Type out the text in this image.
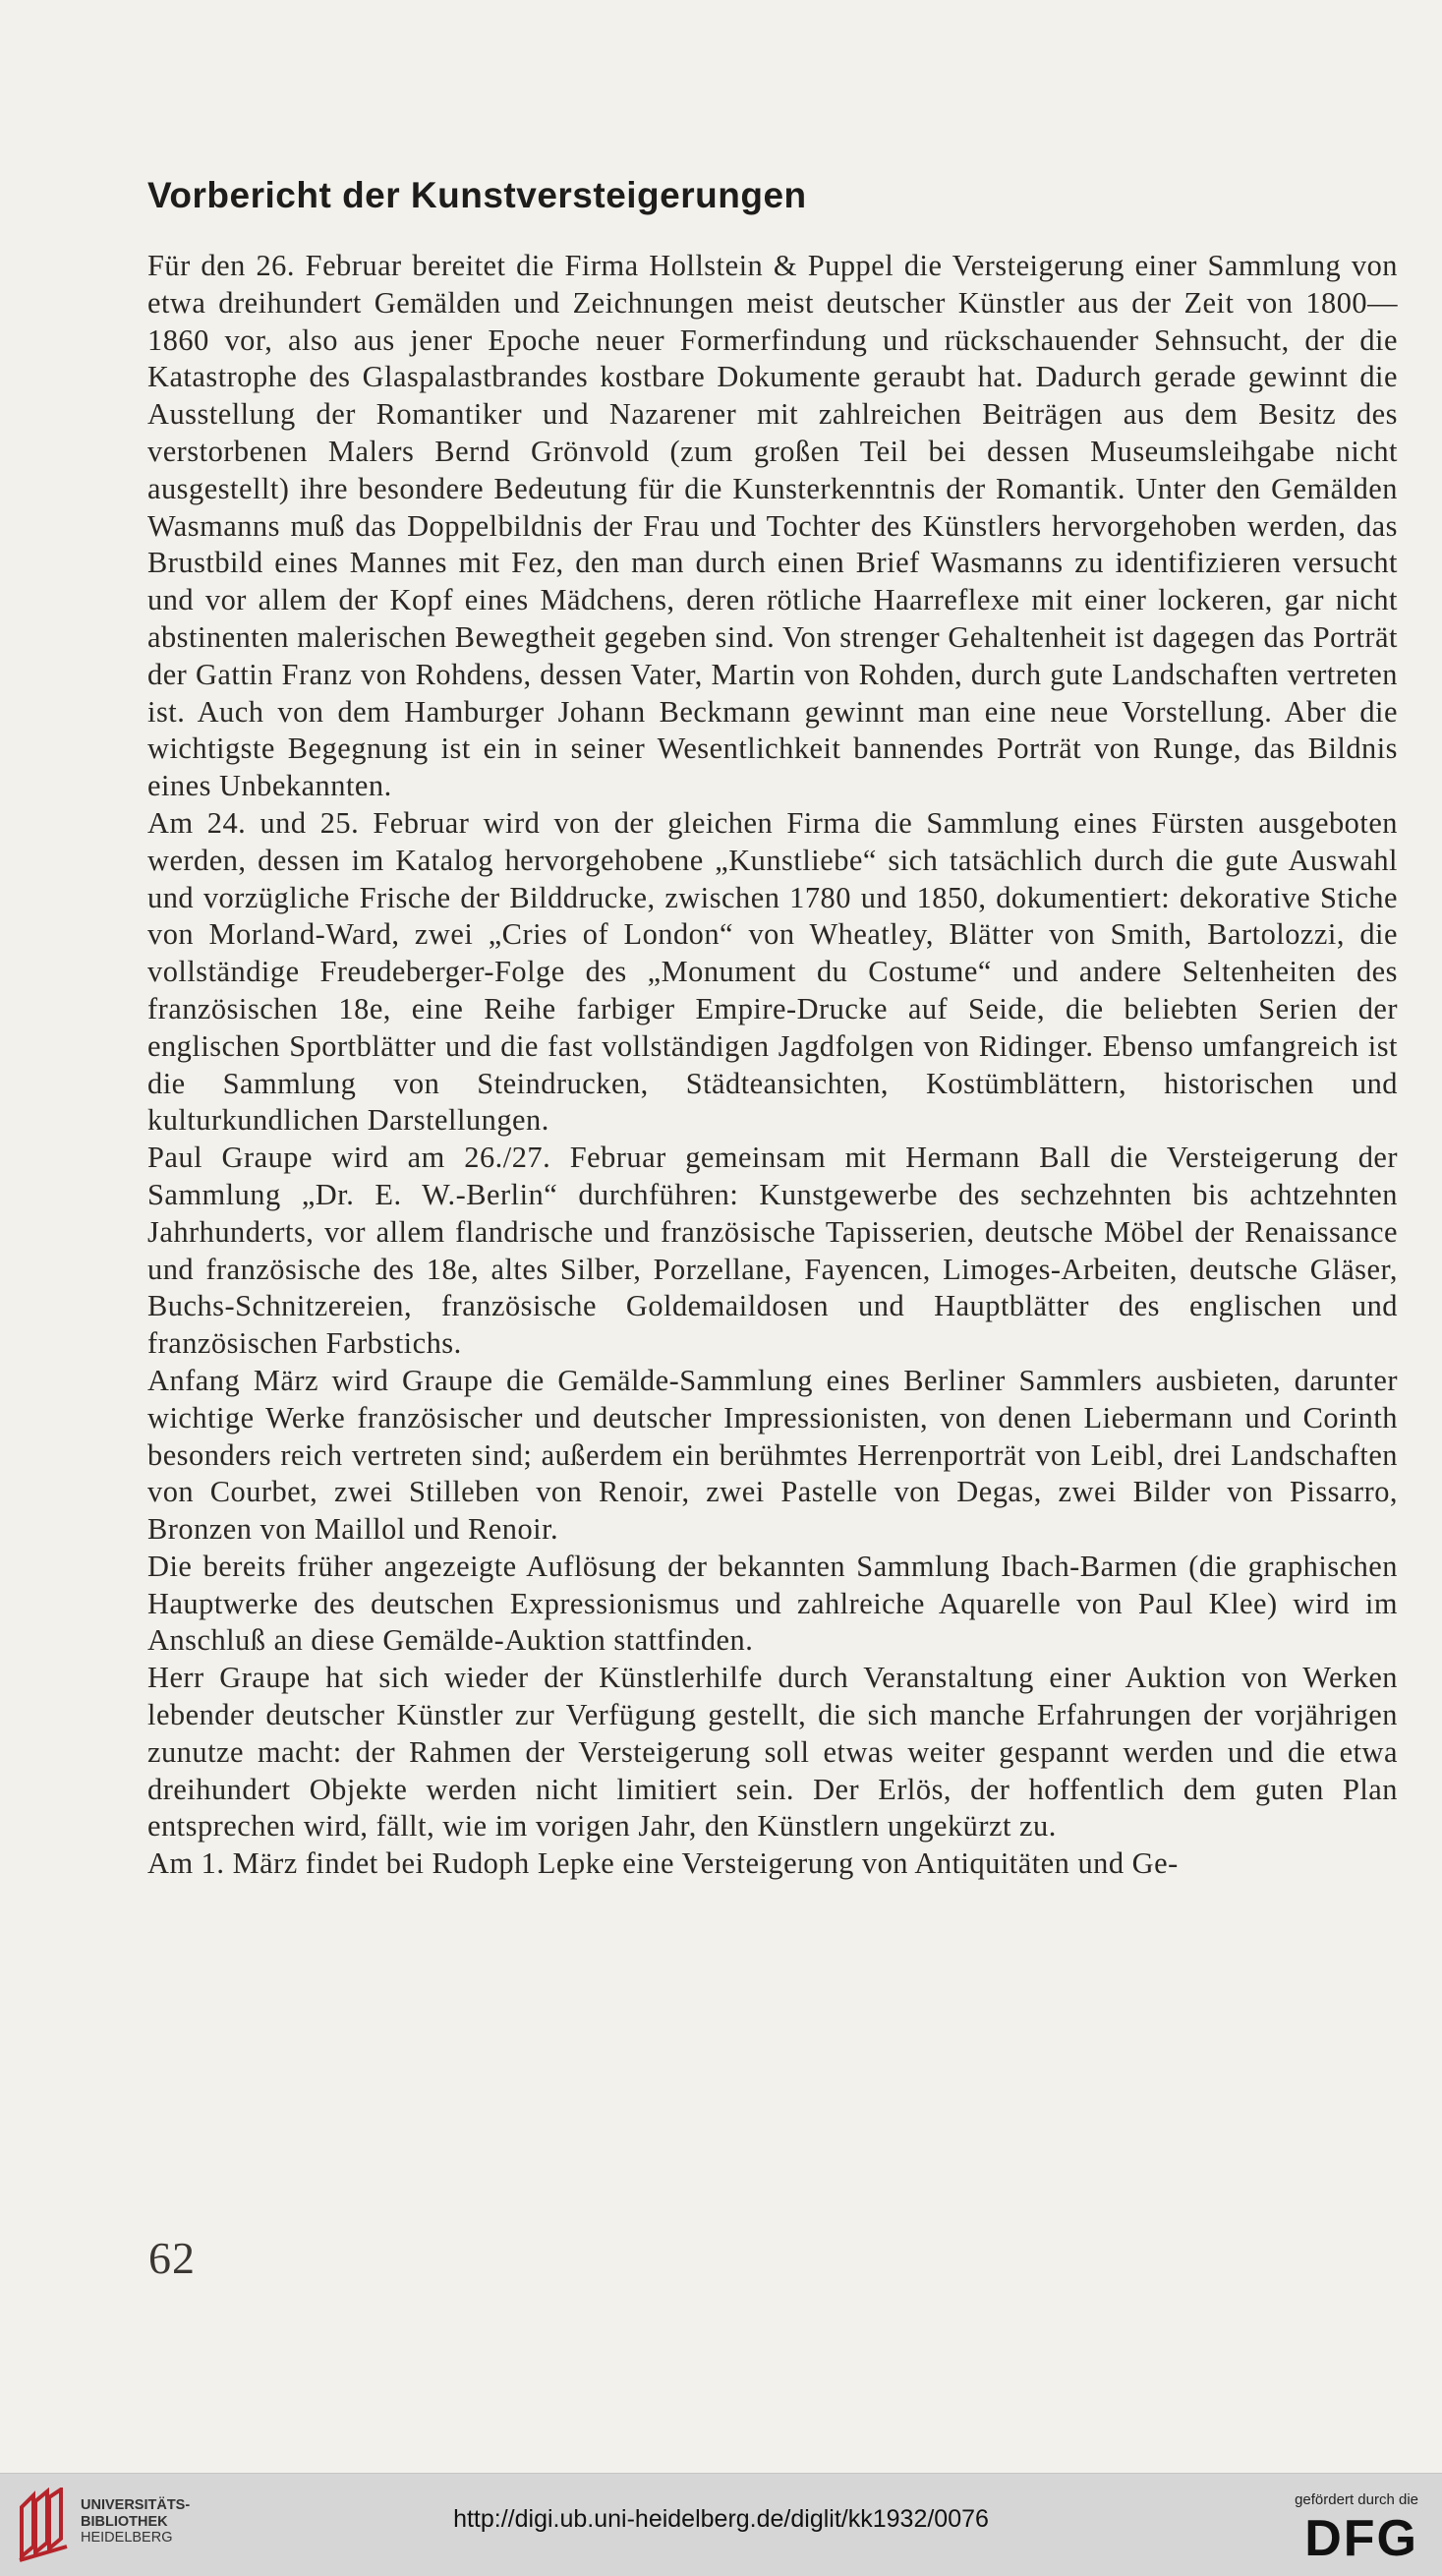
Vorbericht der Kunstversteigerungen

Für den 26. Februar bereitet die Firma Hollstein & Puppel die Versteigerung einer Sammlung von etwa dreihundert Gemälden und Zeichnungen meist deutscher Künstler aus der Zeit von 1800—1860 vor, also aus jener Epoche neuer Formerfindung und rückschauender Sehnsucht, der die Katastrophe des Glaspalastbrandes kostbare Dokumente geraubt hat. Dadurch gerade gewinnt die Ausstellung der Romantiker und Nazarener mit zahlreichen Beiträgen aus dem Besitz des verstorbenen Malers Bernd Grönvold (zum großen Teil bei dessen Museumsleihgabe nicht ausgestellt) ihre besondere Bedeutung für die Kunsterkenntnis der Romantik. Unter den Gemälden Wasmanns muß das Doppelbildnis der Frau und Tochter des Künstlers hervorgehoben werden, das Brustbild eines Mannes mit Fez, den man durch einen Brief Wasmanns zu identifizieren versucht und vor allem der Kopf eines Mädchens, deren rötliche Haarreflexe mit einer lockeren, gar nicht abstinenten malerischen Bewegtheit gegeben sind. Von strenger Gehaltenheit ist dagegen das Porträt der Gattin Franz von Rohdens, dessen Vater, Martin von Rohden, durch gute Landschaften vertreten ist. Auch von dem Hamburger Johann Beckmann gewinnt man eine neue Vorstellung. Aber die wichtigste Begegnung ist ein in seiner Wesentlichkeit bannendes Porträt von Runge, das Bildnis eines Unbekannten.

Am 24. und 25. Februar wird von der gleichen Firma die Sammlung eines Fürsten ausgeboten werden, dessen im Katalog hervorgehobene „Kunstliebe“ sich tatsächlich durch die gute Auswahl und vorzügliche Frische der Bilddrucke, zwischen 1780 und 1850, dokumentiert: dekorative Stiche von Morland-Ward, zwei „Cries of London“ von Wheatley, Blätter von Smith, Bartolozzi, die vollständige Freudeberger-Folge des „Monument du Costume“ und andere Seltenheiten des französischen 18e, eine Reihe farbiger Empire-Drucke auf Seide, die beliebten Serien der englischen Sportblätter und die fast vollständigen Jagdfolgen von Ridinger. Ebenso umfangreich ist die Sammlung von Steindrucken, Städteansichten, Kostümblättern, historischen und kulturkundlichen Darstellungen.

Paul Graupe wird am 26./27. Februar gemeinsam mit Hermann Ball die Versteigerung der Sammlung „Dr. E. W.-Berlin“ durchführen: Kunstgewerbe des sechzehnten bis achtzehnten Jahrhunderts, vor allem flandrische und französische Tapisserien, deutsche Möbel der Renaissance und französische des 18e, altes Silber, Porzellane, Fayencen, Limoges-Arbeiten, deutsche Gläser, Buchs-Schnitzereien, französische Goldemaildosen und Hauptblätter des englischen und französischen Farbstichs.

Anfang März wird Graupe die Gemälde-Sammlung eines Berliner Sammlers ausbieten, darunter wichtige Werke französischer und deutscher Impressionisten, von denen Liebermann und Corinth besonders reich vertreten sind; außerdem ein berühmtes Herrenporträt von Leibl, drei Landschaften von Courbet, zwei Stilleben von Renoir, zwei Pastelle von Degas, zwei Bilder von Pissarro, Bronzen von Maillol und Renoir.

Die bereits früher angezeigte Auflösung der bekannten Sammlung Ibach-Barmen (die graphischen Hauptwerke des deutschen Expressionismus und zahlreiche Aquarelle von Paul Klee) wird im Anschluß an diese Gemälde-Auktion stattfinden.

Herr Graupe hat sich wieder der Künstlerhilfe durch Veranstaltung einer Auktion von Werken lebender deutscher Künstler zur Verfügung gestellt, die sich manche Erfahrungen der vorjährigen zunutze macht: der Rahmen der Versteigerung soll etwas weiter gespannt werden und die etwa dreihundert Objekte werden nicht limitiert sein. Der Erlös, der hoffentlich dem guten Plan entsprechen wird, fällt, wie im vorigen Jahr, den Künstlern ungekürzt zu.

Am 1. März findet bei Rudoph Lepke eine Versteigerung von Antiquitäten und Ge-

62
UNIVERSITÄTS-
BIBLIOTHEK
HEIDELBERG
http://digi.ub.uni-heidelberg.de/diglit/kk1932/0076
gefördert durch die
DFG
